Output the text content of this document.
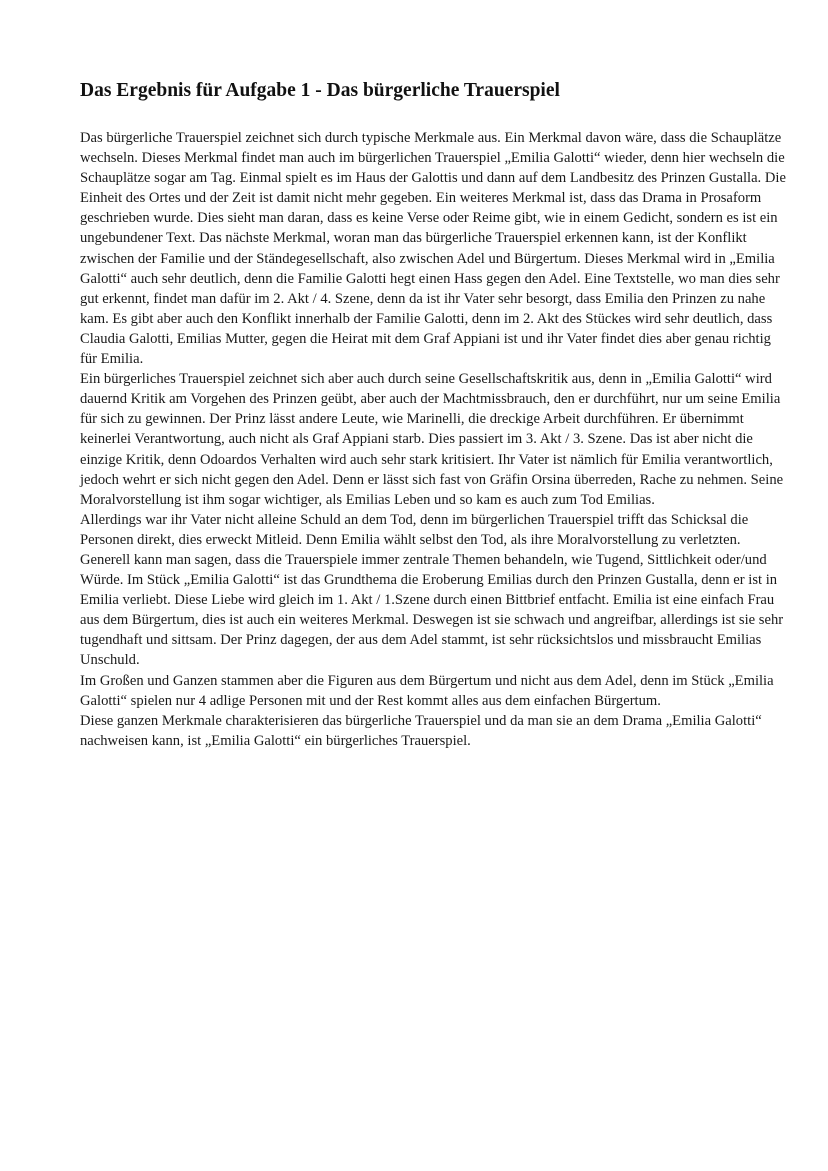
Das Ergebnis für Aufgabe 1 - Das bürgerliche Trauerspiel

Das bürgerliche Trauerspiel zeichnet sich durch typische Merkmale aus. Ein Merkmal davon wäre, dass die Schauplätze wechseln. Dieses Merkmal findet man auch im bürgerlichen Trauerspiel „Emilia Galotti“ wieder, denn hier wechseln die Schauplätze sogar am Tag. Einmal spielt es im Haus der Galottis und dann auf dem Landbesitz des Prinzen Gustalla. Die Einheit des Ortes und der Zeit ist damit nicht mehr gegeben. Ein weiteres Merkmal ist, dass das Drama in Prosaform geschrieben wurde. Dies sieht man daran, dass es keine Verse oder Reime gibt, wie in einem Gedicht, sondern es ist ein ungebundener Text. Das nächste Merkmal, woran man das bürgerliche Trauerspiel erkennen kann, ist der Konflikt zwischen der Familie und der Ständegesellschaft, also zwischen Adel und Bürgertum. Dieses Merkmal wird in „Emilia Galotti“ auch sehr deutlich, denn die Familie Galotti hegt einen Hass gegen den Adel. Eine Textstelle, wo man dies sehr gut erkennt, findet man dafür im 2. Akt / 4. Szene, denn da ist ihr Vater sehr besorgt, dass Emilia den Prinzen zu nahe kam. Es gibt aber auch den Konflikt innerhalb der Familie Galotti, denn im 2. Akt des Stückes wird sehr deutlich, dass Claudia Galotti, Emilias Mutter, gegen die Heirat mit dem Graf Appiani ist und ihr Vater findet dies aber genau richtig für Emilia.

Ein bürgerliches Trauerspiel zeichnet sich aber auch durch seine Gesellschaftskritik aus, denn in „Emilia Galotti“ wird dauernd Kritik am Vorgehen des Prinzen geübt, aber auch der Machtmissbrauch, den er durchführt, nur um seine Emilia für sich zu gewinnen. Der Prinz lässt andere Leute, wie Marinelli, die dreckige Arbeit durchführen. Er übernimmt keinerlei Verantwortung, auch nicht als Graf Appiani starb. Dies passiert im 3. Akt / 3. Szene. Das ist aber nicht die einzige Kritik, denn Odoardos Verhalten wird auch sehr stark kritisiert. Ihr Vater ist nämlich für Emilia verantwortlich, jedoch wehrt er sich nicht gegen den Adel. Denn er lässt sich fast von Gräfin Orsina überreden, Rache zu nehmen. Seine Moralvorstellung ist ihm sogar wichtiger, als Emilias Leben und so kam es auch zum Tod Emilias.

Allerdings war ihr Vater nicht alleine Schuld an dem Tod, denn im bürgerlichen Trauerspiel trifft das Schicksal die Personen direkt, dies erweckt Mitleid. Denn Emilia wählt selbst den Tod, als ihre Moralvorstellung zu verletzten. Generell kann man sagen, dass die Trauerspiele immer zentrale Themen behandeln, wie Tugend, Sittlichkeit oder/und Würde. Im Stück „Emilia Galotti“ ist das Grundthema die Eroberung Emilias durch den Prinzen Gustalla, denn er ist in Emilia verliebt. Diese Liebe wird gleich im 1. Akt / 1.Szene durch einen Bittbrief entfacht. Emilia ist eine einfach Frau aus dem Bürgertum, dies ist auch ein weiteres Merkmal. Deswegen ist sie schwach und angreifbar, allerdings ist sie sehr tugendhaft und sittsam. Der Prinz dagegen, der aus dem Adel stammt, ist sehr rücksichtslos und missbraucht Emilias Unschuld.

Im Großen und Ganzen stammen aber die Figuren aus dem Bürgertum und nicht aus dem Adel, denn im Stück „Emilia Galotti“ spielen nur 4 adlige Personen mit und der Rest kommt alles aus dem einfachen Bürgertum.

Diese ganzen Merkmale charakterisieren das bürgerliche Trauerspiel und da man sie an dem Drama „Emilia Galotti“ nachweisen kann, ist „Emilia Galotti“ ein bürgerliches Trauerspiel.
